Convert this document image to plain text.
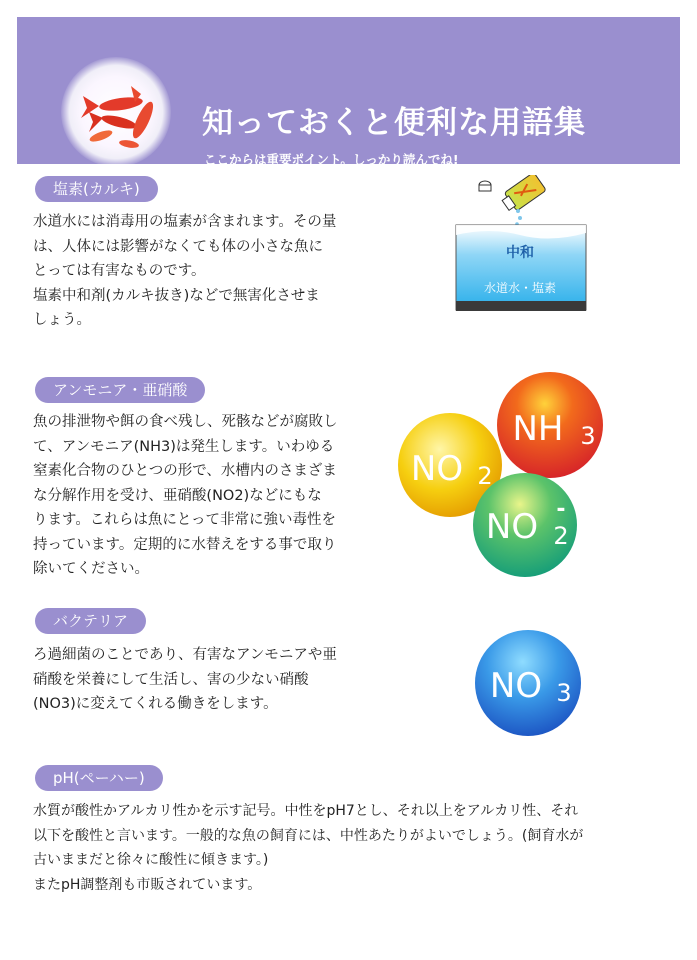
知っておくと便利な用語集
ここからは重要ポイント。しっかり読んでね!
塩素(カルキ)

水道水には消毒用の塩素が含まれます。その量

は、人体には影響がなくても体の小さな魚に

とっては有害なものです。

塩素中和剤(カルキ抜き)などで無害化させま

しょう。

中和
水道水・塩素
アンモニア・亜硝酸

魚の排泄物や餌の食べ残し、死骸などが腐敗し

て、アンモニア(NH3)は発生します。いわゆる

窒素化合物のひとつの形で、水槽内のさまざま

な分解作用を受け、亜硝酸(NO2)などにもな

ります。これらは魚にとって非常に強い毒性を

持っています。定期的に水替えをする事で取り

除いてください。

NO 2
NH 3
NO 2
-
バクテリア

ろ過細菌のことであり、有害なアンモニアや亜

硝酸を栄養にして生活し、害の少ない硝酸

(NO3)に変えてくれる働きをします。	NO 3
pH(ペーハー)

水質が酸性かアルカリ性かを示す記号。中性をpH7とし、それ以上をアルカリ性、それ

以下を酸性と言います。一般的な魚の飼育には、中性あたりがよいでしょう。(飼育水が

古いままだと徐々に酸性に傾きます。)

またpH調整剤も市販されています。
